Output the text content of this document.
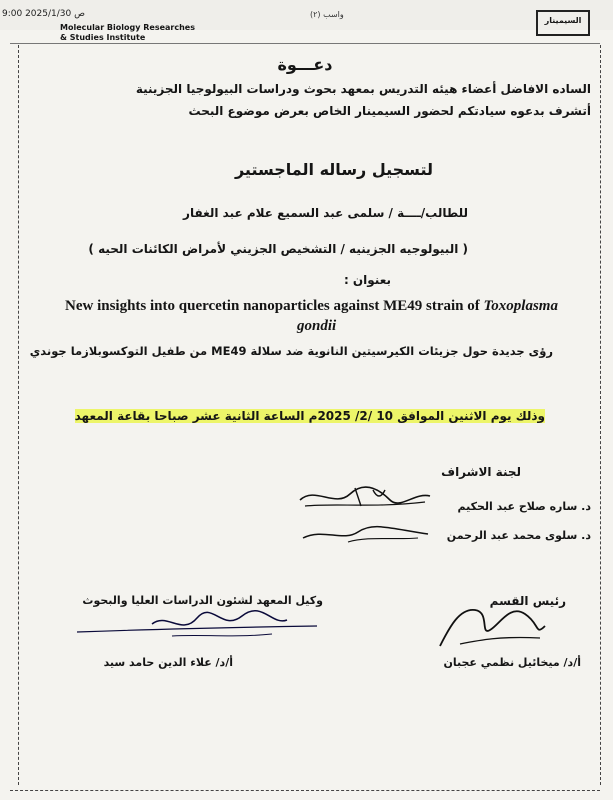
9:00 2025/1/30 ص	واسب (٢)
السيمينار
Molecular Biology Researches
& Studies Institute
دعـــوة
الساده الافاضل أعضاء هيئه التدريس بمعهد بحوث ودراسات البيولوجيا الجزينية
أتشرف بدعوه سيادتكم لحضور السيمينار الخاص بعرض موضوع البحث
لتسجيل رساله الماجستير
للطالب/ــــة / سلمى عبد السميع علام عبد الغفار
( البيولوجيه الجزينيه / التشخيص الجزيني لأمراض الكائنات الحيه )
بعنوان :
New insights into quercetin nanoparticles against ME49 strain of Toxoplasma
gondii
رؤى جديدة حول جزيئات الكيرسيتين النانوية ضد سلالة ME49 من طفيل التوكسوبلازما جوندي
وذلك يوم الاثنين الموافق 10 /2/ 2025م الساعة الثانية عشر صباحا بقاعة المعهد
لجنة الاشراف
د. ساره صلاح عبد الحكيم
د. سلوى محمد عبد الرحمن
رئيس القسم
وكيل المعهد لشئون الدراسات العليا والبحوث
أ/د/ ميخائيل نظمي عجبان
أ/د/ علاء الدين حامد سيد
